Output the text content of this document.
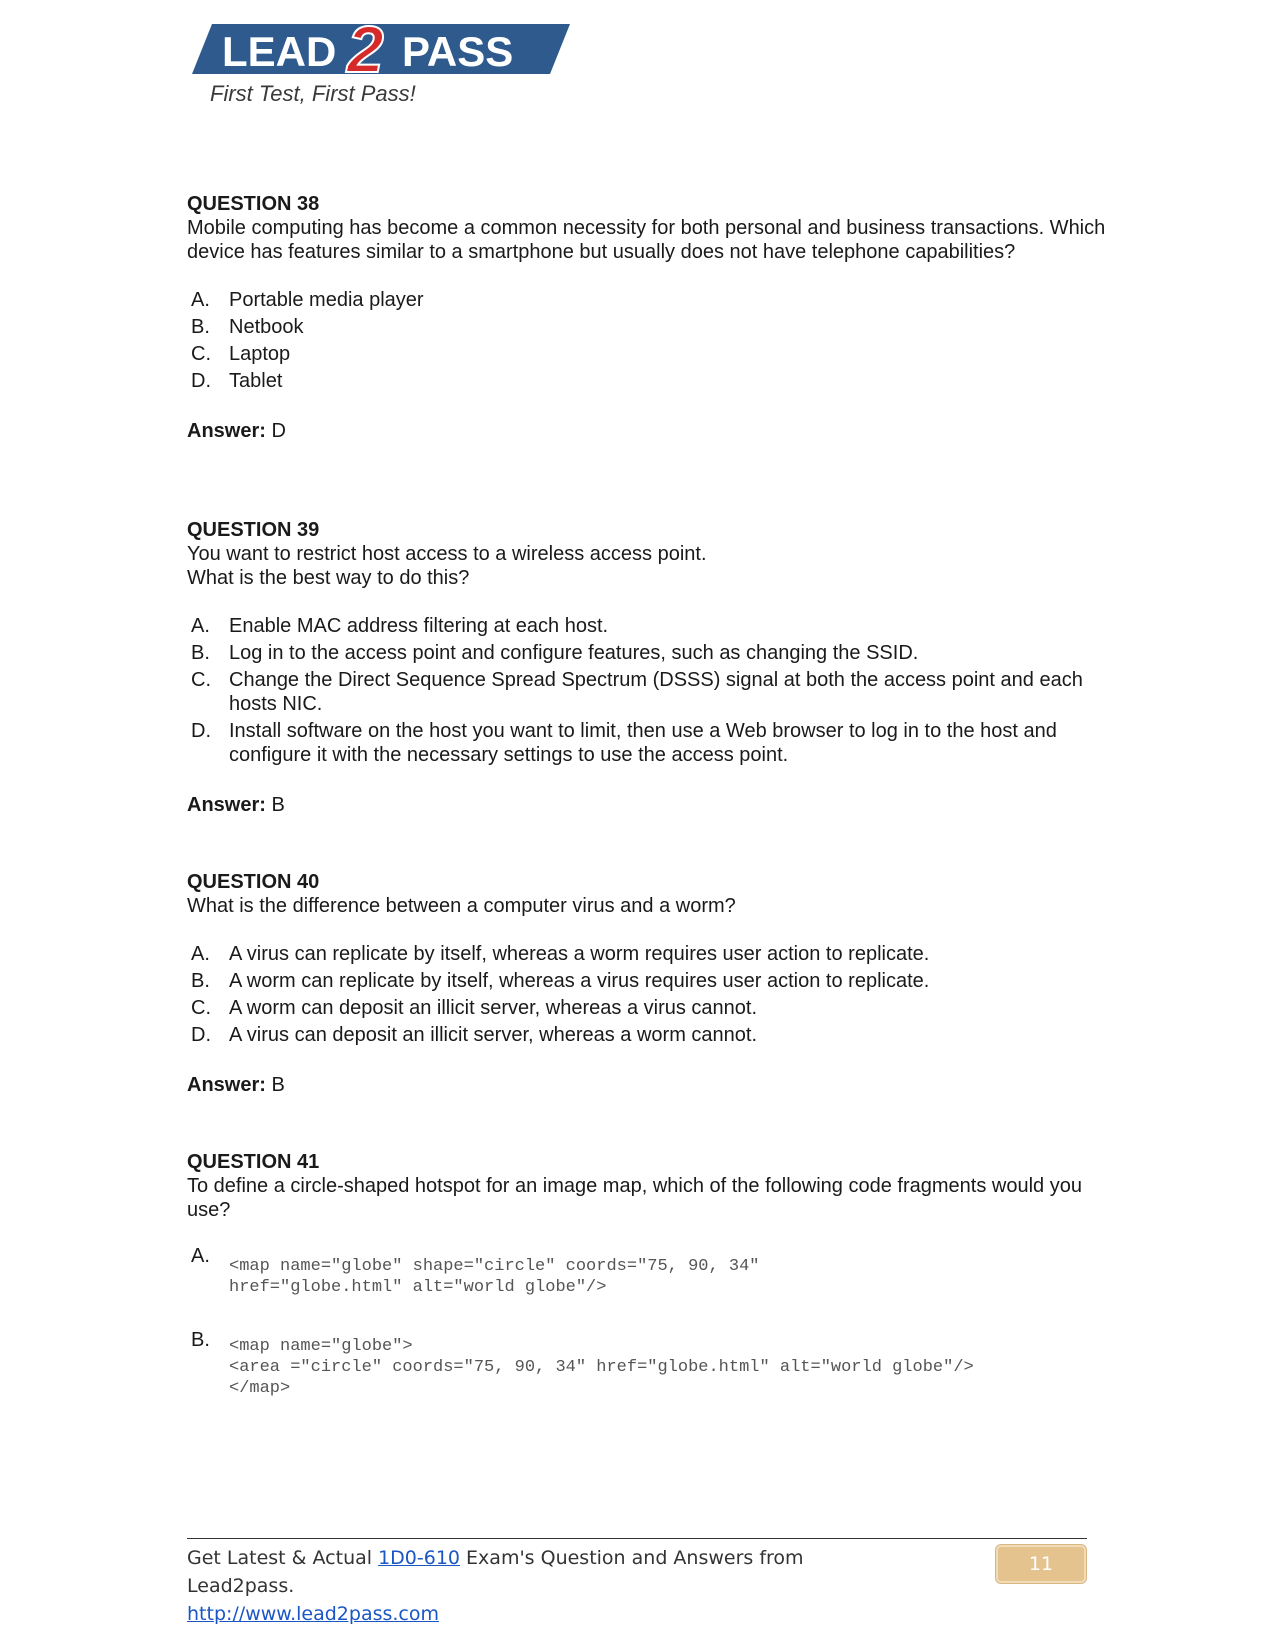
LEAD 2 PASS
First Test, First Pass!
QUESTION 38
Mobile computing has become a common necessity for both personal and business transactions. Which device has features similar to a smartphone but usually does not have telephone capabilities?
A. Portable media player
B. Netbook
C. Laptop
D. Tablet
Answer: D
QUESTION 39
You want to restrict host access to a wireless access point.
What is the best way to do this?
A. Enable MAC address filtering at each host.
B. Log in to the access point and configure features, such as changing the SSID.
C. Change the Direct Sequence Spread Spectrum (DSSS) signal at both the access point and each hosts NIC.
D. Install software on the host you want to limit, then use a Web browser to log in to the host and configure it with the necessary settings to use the access point.
Answer: B
QUESTION 40
What is the difference between a computer virus and a worm?
A. A virus can replicate by itself, whereas a worm requires user action to replicate.
B. A worm can replicate by itself, whereas a virus requires user action to replicate.
C. A worm can deposit an illicit server, whereas a virus cannot.
D. A virus can deposit an illicit server, whereas a worm cannot.
Answer: B
QUESTION 41
To define a circle-shaped hotspot for an image map, which of the following code fragments would you use?
A.	<map name="globe" shape="circle" coords="75, 90, 34"
href="globe.html" alt="world globe"/>
B.	<map name="globe">
<area ="circle" coords="75, 90, 34" href="globe.html" alt="world globe"/>
</map>
Get Latest & Actual 1D0-610 Exam's Question and Answers from Lead2pass.
http://www.lead2pass.com
11
